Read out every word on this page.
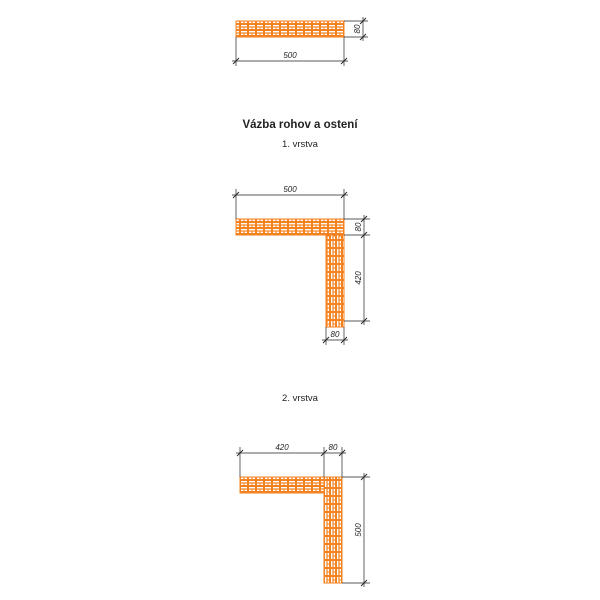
80
500
Vázba rohov a ostení
1. vrstva
500
80
420
80
2. vrstva
420	80
500
